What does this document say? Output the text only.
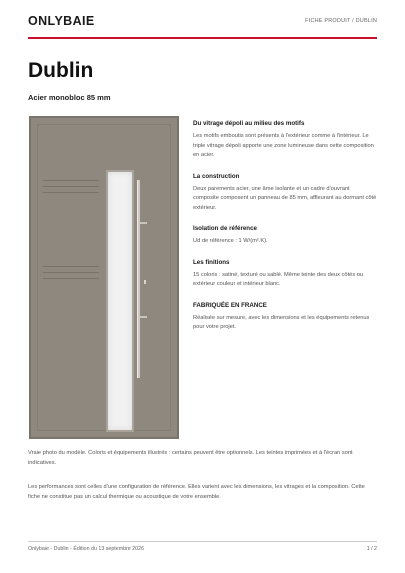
ONLYBAIE	FICHE PRODUIT / DUBLIN
Dublin
Acier monobloc 85 mm
Du vitrage dépoli au milieu des motifs
Les motifs emboutis sont présents à l'extérieur comme à l'intérieur. Le triple vitrage dépoli apporte une zone lumineuse dans cette composition en acier.
La construction
Deux parements acier, une âme isolante et un cadre d'ouvrant composite composent un panneau de 85 mm, affleurant au dormant côté extérieur.
Isolation de référence
Ud de référence : 1 W/(m².K).
Les finitions
15 coloris : satiné, texturé ou sablé. Même teinte des deux côtés ou extérieur couleur et intérieur blanc.
FABRIQUÉE EN FRANCE
Réalisée sur mesure, avec les dimensions et les équipements retenus pour votre projet.
Vraie photo du modèle. Coloris et équipements illustrés : certains peuvent être optionnels. Les teintes imprimées et à l'écran sont indicatives.
Les performances sont celles d'une configuration de référence. Elles varient avec les dimensions, les vitrages et la composition. Cette fiche ne constitue pas un calcul thermique ou acoustique de votre ensemble.
Onlybaie - Dublin - Édition du 13 septembre 2026	1 / 2
